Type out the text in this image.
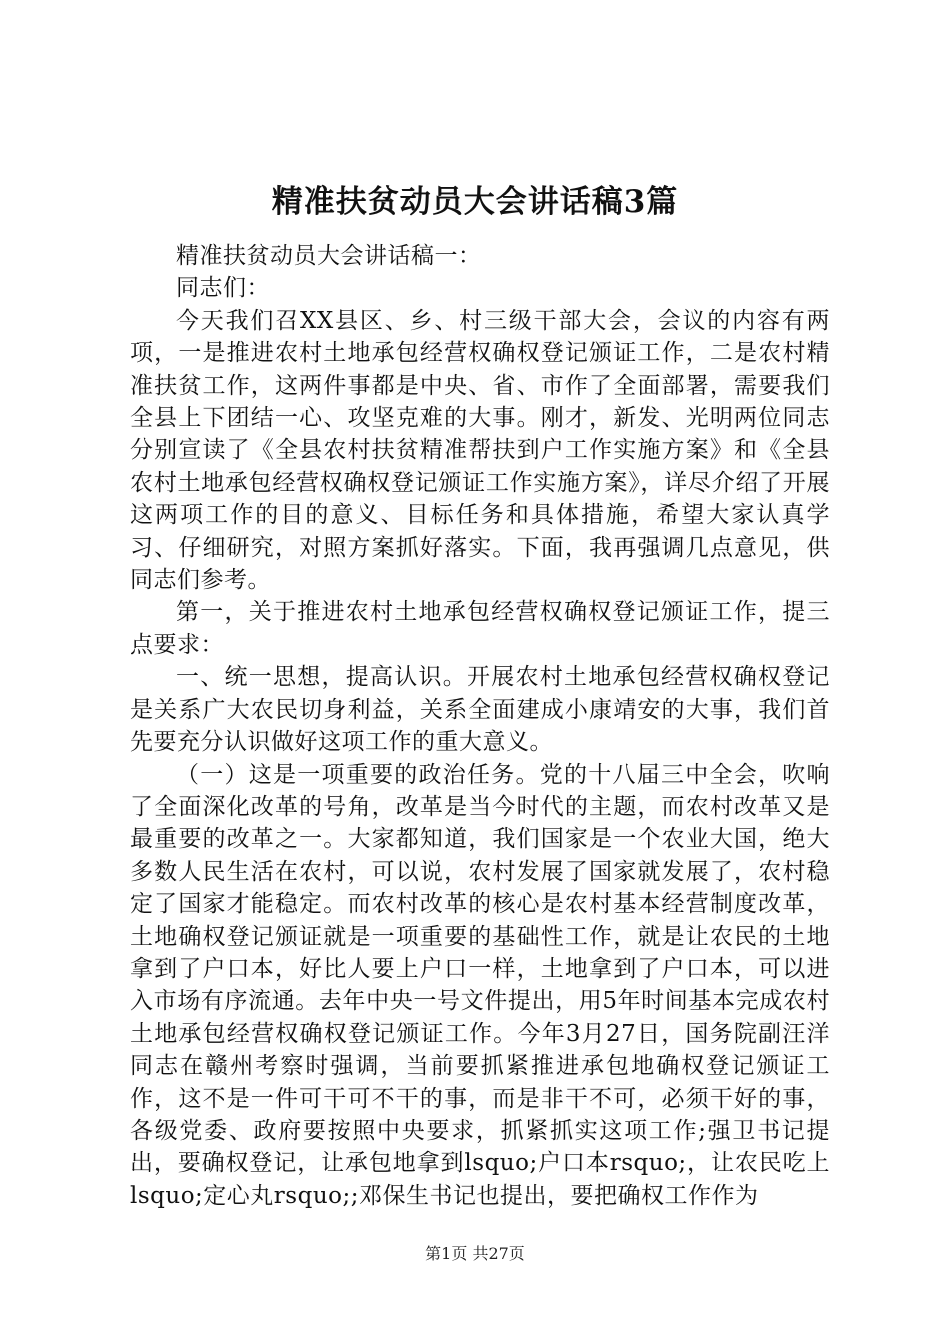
精准扶贫动员大会讲话稿3篇

精准扶贫动员大会讲话稿一：

同志们：

今天我们召XX县区、乡、村三级干部大会，会议的内容有两项，一是推进农村土地承包经营权确权登记颁证工作，二是农村精准扶贫工作，这两件事都是中央、省、市作了全面部署，需要我们全县上下团结一心、攻坚克难的大事。刚才，新发、光明两位同志分别宣读了《全县农村扶贫精准帮扶到户工作实施方案》和《全县农村土地承包经营权确权登记颁证工作实施方案》，详尽介绍了开展这两项工作的目的意义、目标任务和具体措施，希望大家认真学习、仔细研究，对照方案抓好落实。下面，我再强调几点意见，供同志们参考。

第一，关于推进农村土地承包经营权确权登记颁证工作，提三点要求：

一、统一思想，提高认识。开展农村土地承包经营权确权登记是关系广大农民切身利益，关系全面建成小康靖安的大事，我们首先要充分认识做好这项工作的重大意义。

（一）这是一项重要的政治任务。党的十八届三中全会，吹响了全面深化改革的号角，改革是当今时代的主题，而农村改革又是最重要的改革之一。大家都知道，我们国家是一个农业大国，绝大多数人民生活在农村，可以说，农村发展了国家就发展了，农村稳定了国家才能稳定。而农村改革的核心是农村基本经营制度改革，土地确权登记颁证就是一项重要的基础性工作，就是让农民的土地拿到了户口本，好比人要上户口一样，土地拿到了户口本，可以进入市场有序流通。去年中央一号文件提出，用5年时间基本完成农村土地承包经营权确权登记颁证工作。今年3月27日，国务院副汪洋同志在赣州考察时强调，当前要抓紧推进承包地确权登记颁证工作，这不是一件可干可不干的事，而是非干不可，必须干好的事，各级党委、政府要按照中央要求，抓紧抓实这项工作;强卫书记提出，要确权登记，让承包地拿到lsquo;户口本rsquo;，让农民吃上lsquo;定心丸rsquo;;邓保生书记也提出，要把确权工作作为

第1页 共27页
